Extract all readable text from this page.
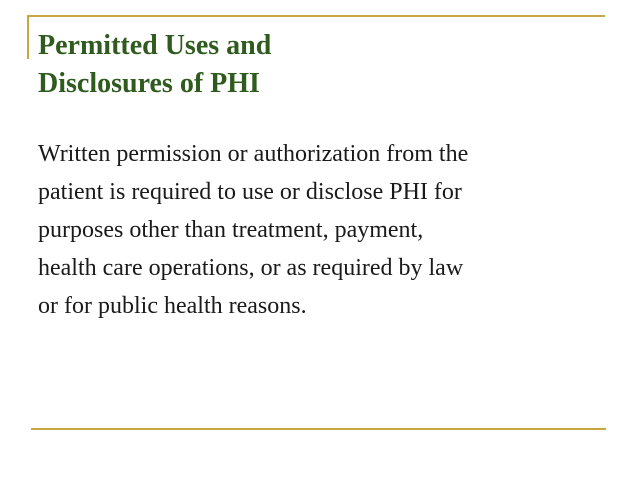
Permitted Uses and
Disclosures of PHI

Written permission or authorization from the
patient is required to use or disclose PHI for
purposes other than treatment, payment,
health care operations, or as required by law
or for public health reasons.
